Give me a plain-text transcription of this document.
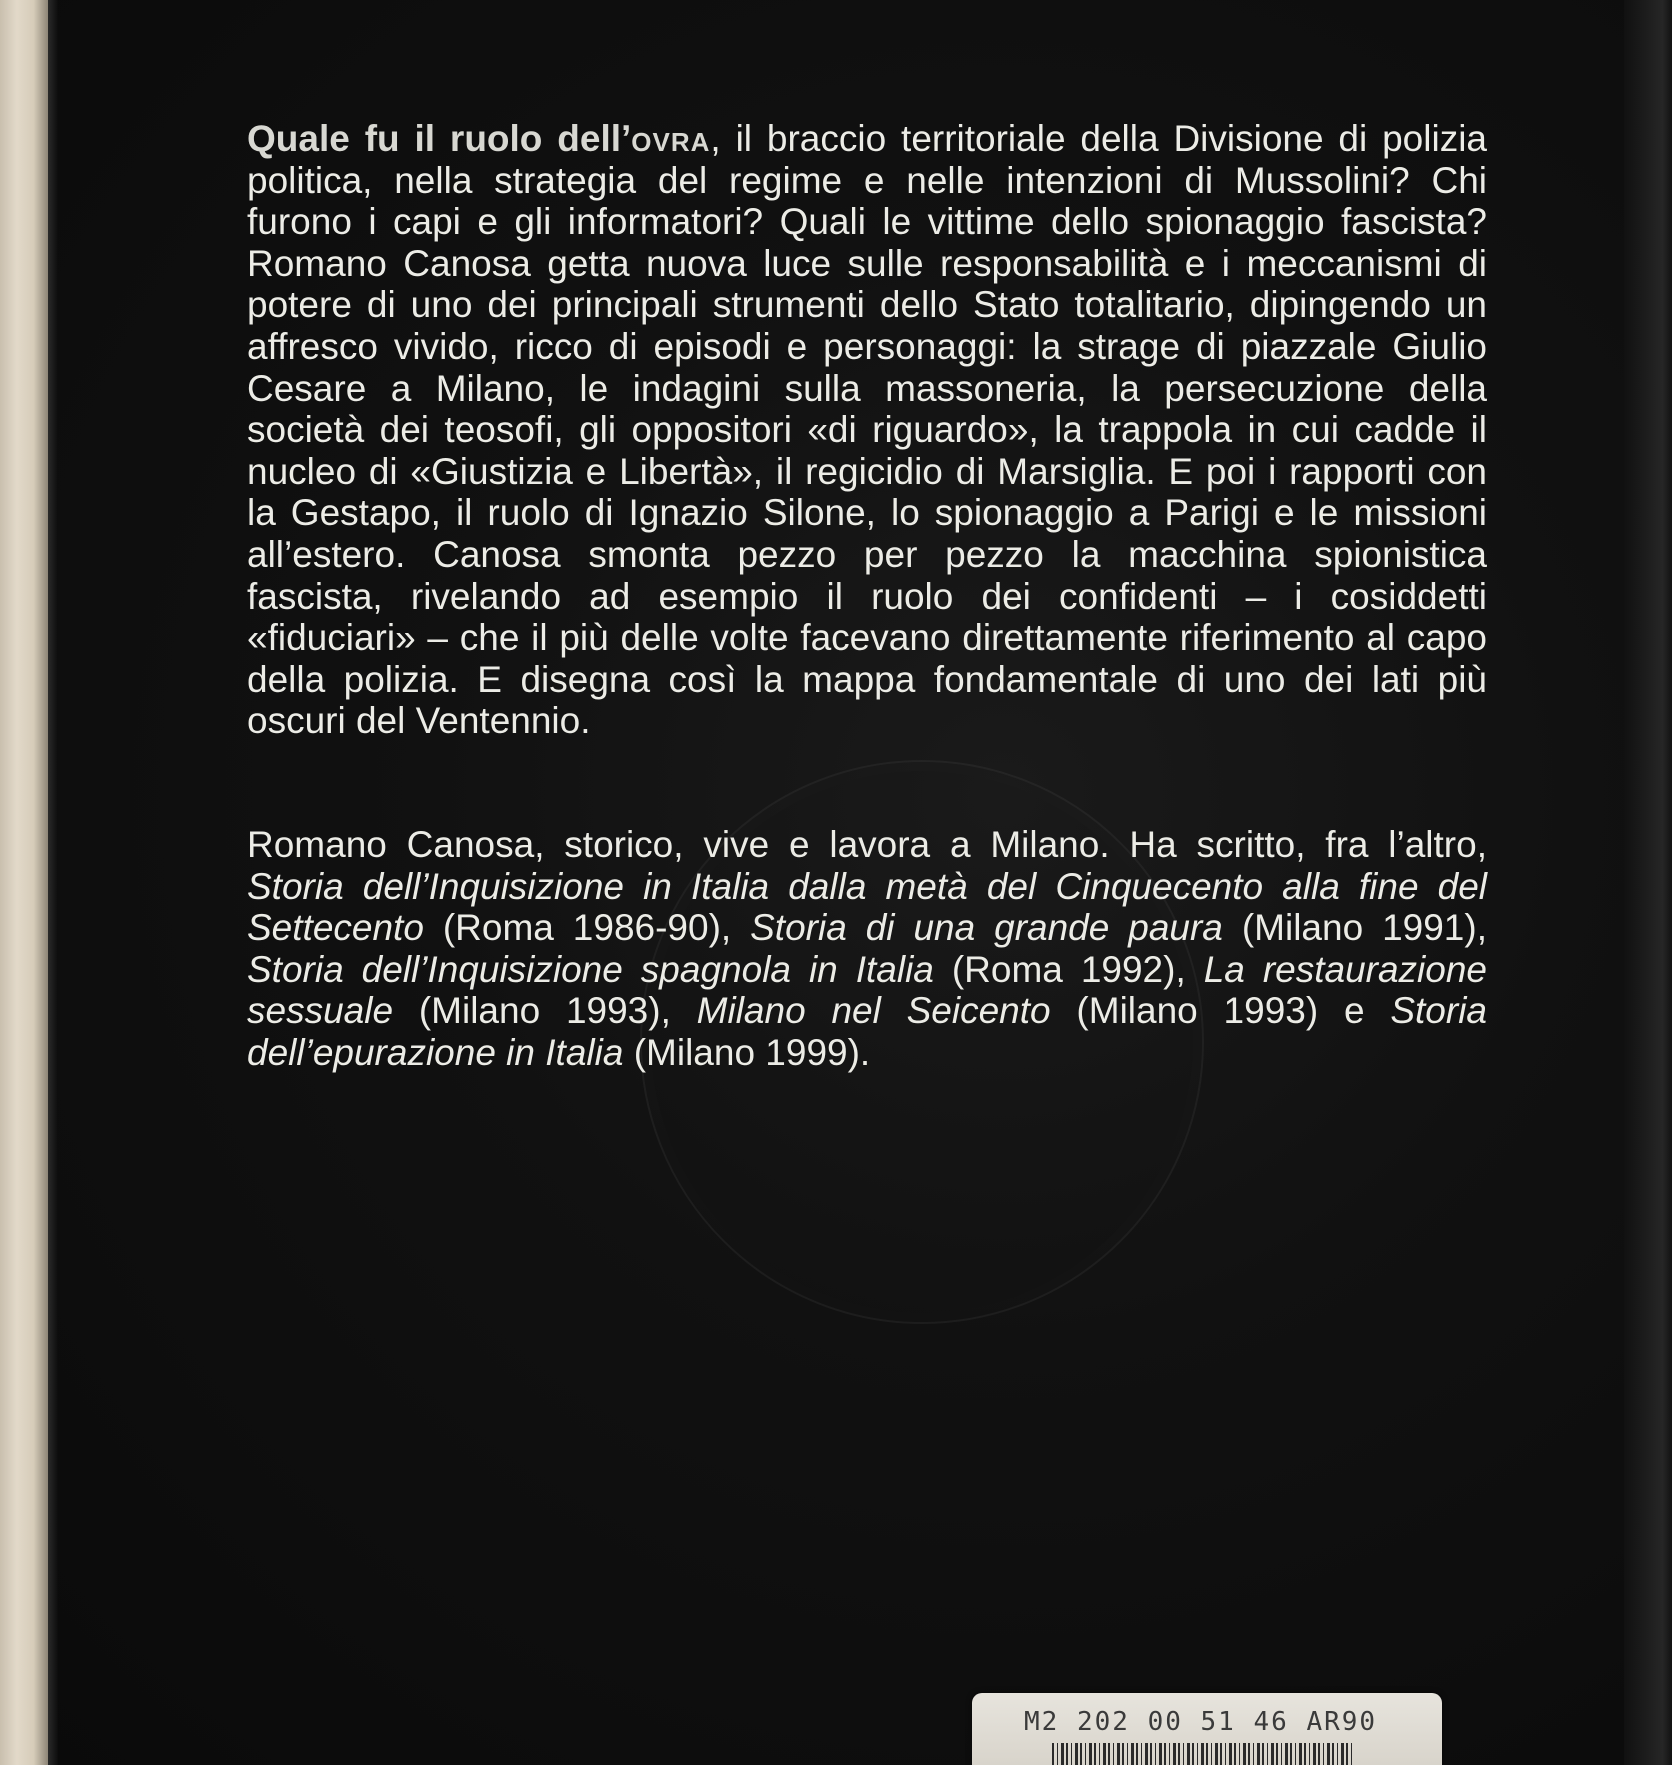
Quale fu il ruolo dell’ovra, il braccio territoriale della Divisione di polizia politica, nella strategia del regime e nelle intenzioni di Mussolini? Chi furono i capi e gli informatori? Quali le vittime dello spionaggio fascista? Romano Canosa getta nuova luce sulle responsabilità e i meccanismi di potere di uno dei principali strumenti dello Stato totalitario, dipingendo un affresco vivido, ricco di episodi e personaggi: la strage di piazzale Giulio Cesare a Milano, le indagini sulla massoneria, la persecuzione della società dei teosofi, gli oppositori «di riguardo», la trappola in cui cadde il nucleo di «Giustizia e Libertà», il regicidio di Marsiglia. E poi i rapporti con la Gestapo, il ruolo di Ignazio Silone, lo spionaggio a Parigi e le missioni all’estero. Canosa smonta pezzo per pezzo la macchina spionistica fascista, rivelando ad esempio il ruolo dei confidenti – i cosiddetti «fiduciari» – che il più delle volte facevano direttamente riferimento al capo della polizia. E disegna così la mappa fondamentale di uno dei lati più oscuri del Ventennio.

Romano Canosa, storico, vive e lavora a Milano. Ha scritto, fra l’altro, Storia dell’Inquisizione in Italia dalla metà del Cinquecento alla fine del Settecento (Roma 1986-90), Storia di una grande paura (Milano 1991), Storia dell’Inquisizione spagnola in Italia (Roma 1992), La restaurazione sessuale (Milano 1993), Milano nel Seicento (Milano 1993) e Storia dell’epurazione in Italia (Milano 1999).

M2 202 00 51 46 AR90
